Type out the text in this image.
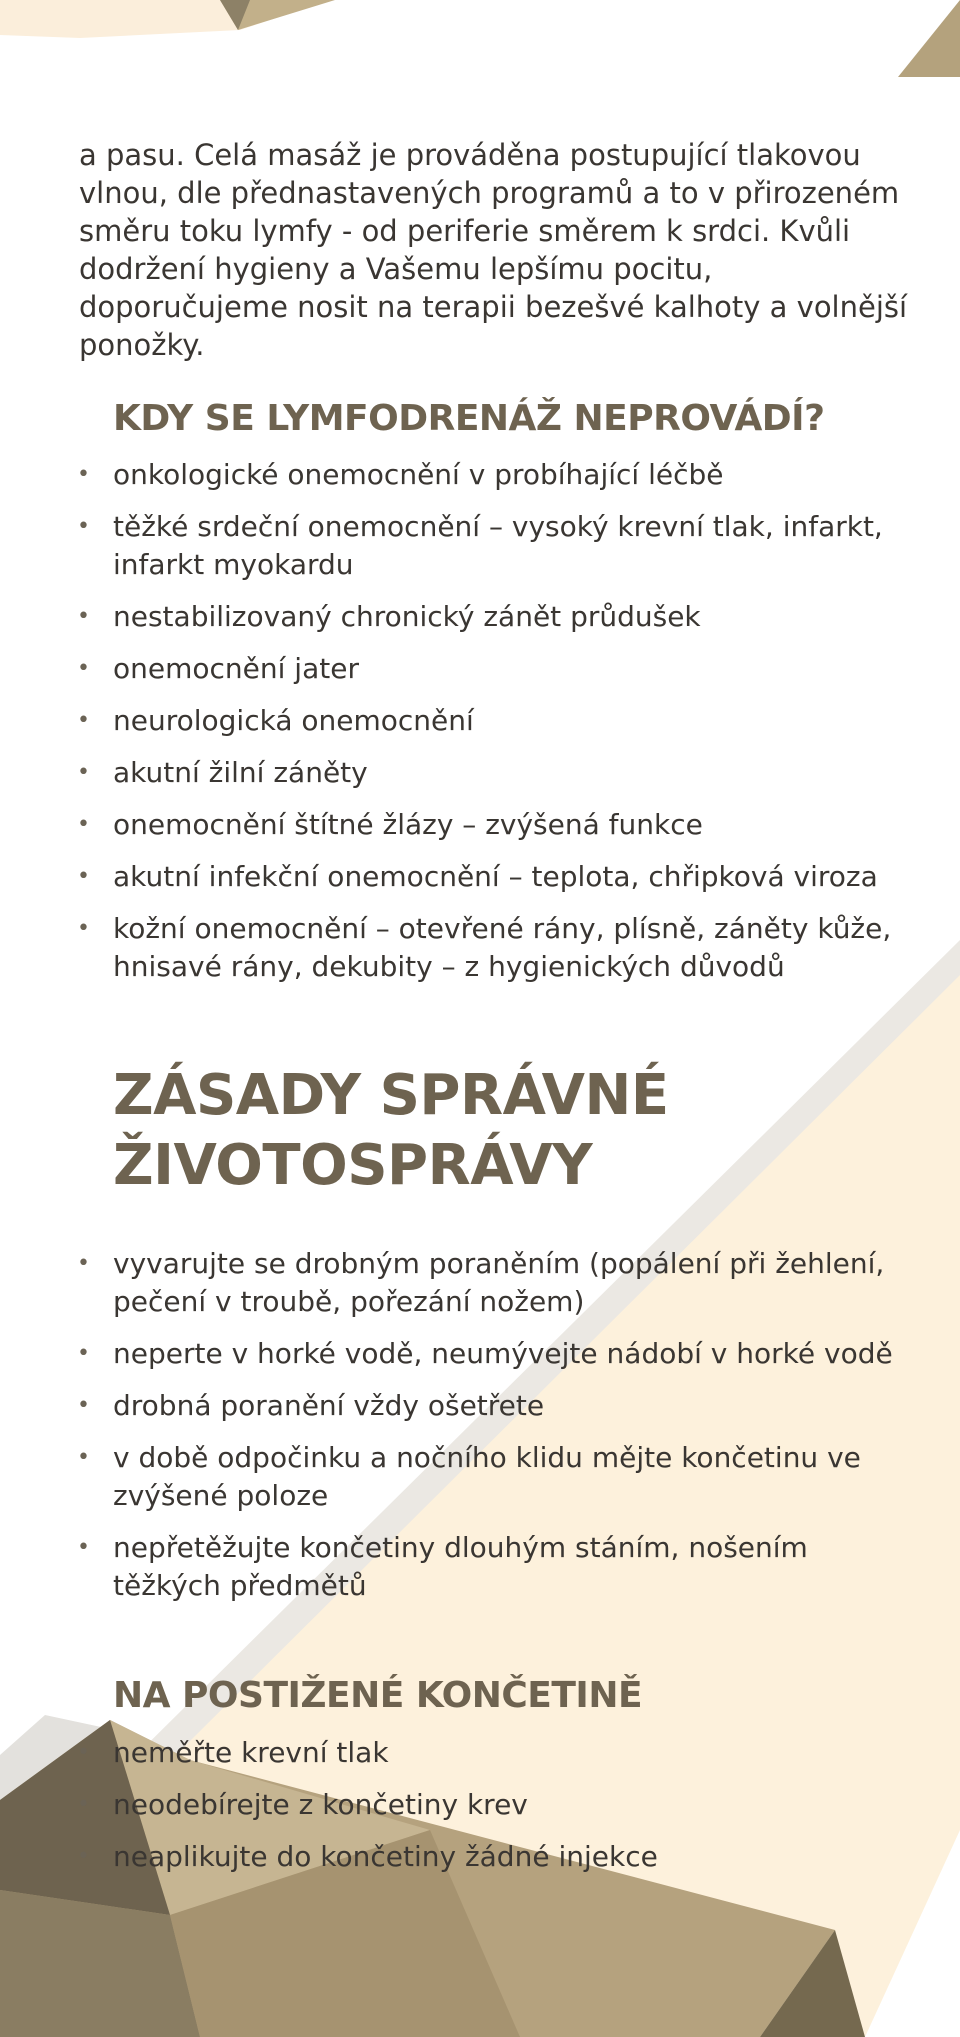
a pasu. Celá masáž je prováděna postupující tlakovou vlnou, dle přednastavených programů a to v přirozeném směru toku lymfy - od periferie směrem k srdci. Kvůli dodržení hygieny a Vašemu lepšímu pocitu, doporučujeme nosit na terapii bezešvé kalhoty a volnější ponožky.

KDY SE LYMFODRENÁŽ NEPROVÁDÍ?
• onkologické onemocnění v probíhající léčbě
• těžké srdeční onemocnění – vysoký krevní tlak, infarkt, infarkt myokardu
• nestabilizovaný chronický zánět průdušek
• onemocnění jater
• neurologická onemocnění
• akutní žilní záněty
• onemocnění štítné žlázy – zvýšená funkce
• akutní infekční onemocnění – teplota, chřipková viroza
• kožní onemocnění – otevřené rány, plísně, záněty kůže, hnisavé rány, dekubity – z hygienických důvodů
ZÁSADY SPRÁVNÉ
ŽIVOTOSPRÁVY
• vyvarujte se drobným poraněním (popálení při žehlení, pečení v troubě, pořezání nožem)
• neperte v horké vodě, neumývejte nádobí v horké vodě
• drobná poranění vždy ošetřete
• v době odpočinku a nočního klidu mějte končetinu ve zvýšené poloze
• nepřetěžujte končetiny dlouhým stáním, nošením těžkých předmětů
NA POSTIŽENÉ KONČETINĚ
• neměřte krevní tlak
• neodebírejte z končetiny krev
• neaplikujte do končetiny žádné injekce
